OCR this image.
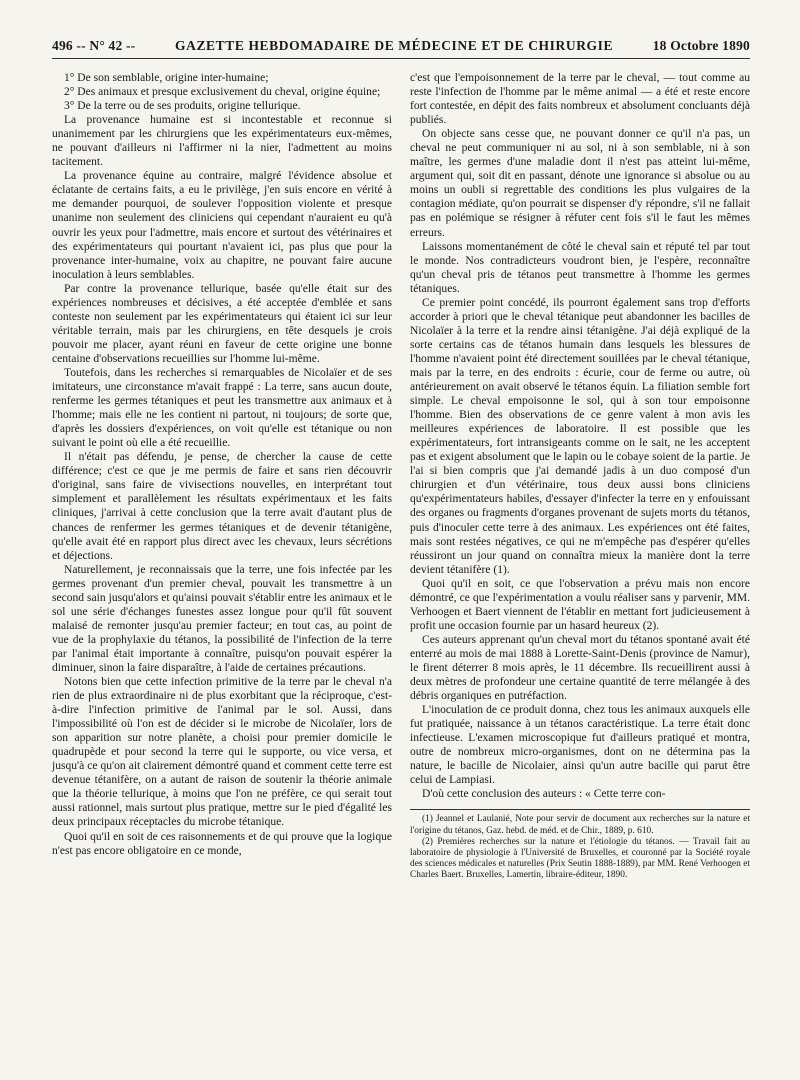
496 -- N° 42 --	GAZETTE HEBDOMADAIRE DE MÉDECINE ET DE CHIRURGIE	18 Octobre 1890

1° De son semblable, origine inter-humaine;

2° Des animaux et presque exclusivement du cheval, origine équine;

3° De la terre ou de ses produits, origine tellurique.

La provenance humaine est si incontestable et reconnue si unanimement par les chirurgiens que les expérimentateurs eux-mêmes, ne pouvant d'ailleurs ni l'affirmer ni la nier, l'admettent au moins tacitement.

La provenance équine au contraire, malgré l'évidence absolue et éclatante de certains faits, a eu le privilège, j'en suis encore en vérité à me demander pourquoi, de soulever l'opposition violente et presque unanime non seulement des cliniciens qui cependant n'auraient eu qu'à ouvrir les yeux pour l'admettre, mais encore et surtout des vétérinaires et des expérimentateurs qui pourtant n'avaient ici, pas plus que pour la provenance inter-humaine, voix au chapitre, ne pouvant faire aucune inoculation à leurs semblables.

Par contre la provenance tellurique, basée qu'elle était sur des expériences nombreuses et décisives, a été acceptée d'emblée et sans conteste non seulement par les expérimentateurs qui étaient ici sur leur véritable terrain, mais par les chirurgiens, en tête desquels je crois pouvoir me placer, ayant réuni en faveur de cette origine une bonne centaine d'observations recueillies sur l'homme lui-même.

Toutefois, dans les recherches si remarquables de Nicolaïer et de ses imitateurs, une circonstance m'avait frappé : La terre, sans aucun doute, renferme les germes tétaniques et peut les transmettre aux animaux et à l'homme; mais elle ne les contient ni partout, ni toujours; de sorte que, d'après les dossiers d'expériences, on voit qu'elle est tétanique ou non suivant le point où elle a été recueillie.

Il n'était pas défendu, je pense, de chercher la cause de cette différence; c'est ce que je me permis de faire et sans rien découvrir d'original, sans faire de vivisections nouvelles, en interprétant tout simplement et parallèlement les résultats expérimentaux et les faits cliniques, j'arrivai à cette conclusion que la terre avait d'autant plus de chances de renfermer les germes tétaniques et de devenir tétanigène, qu'elle avait été en rapport plus direct avec les chevaux, leurs sécrétions et déjections.

Naturellement, je reconnaissais que la terre, une fois infectée par les germes provenant d'un premier cheval, pouvait les transmettre à un second sain jusqu'alors et qu'ainsi pouvait s'établir entre les animaux et le sol une série d'échanges funestes assez longue pour qu'il fût souvent malaisé de remonter jusqu'au premier facteur; en tout cas, au point de vue de la prophylaxie du tétanos, la possibilité de l'infection de la terre par l'animal était importante à connaître, puisqu'on pouvait espérer la diminuer, sinon la faire disparaître, à l'aide de certaines précautions.

Notons bien que cette infection primitive de la terre par le cheval n'a rien de plus extraordinaire ni de plus exorbitant que la réciproque, c'est-à-dire l'infection primitive de l'animal par le sol. Aussi, dans l'impossibilité où l'on est de décider si le microbe de Nicolaïer, lors de son apparition sur notre planète, a choisi pour premier domicile le quadrupède et pour second la terre qui le supporte, ou vice versa, et jusqu'à ce qu'on ait clairement démontré quand et comment cette terre est devenue tétanifère, on a autant de raison de soutenir la théorie animale que la théorie tellurique, à moins que l'on ne préfère, ce qui serait tout aussi rationnel, mais surtout plus pratique, mettre sur le pied d'égalité les deux principaux réceptacles du microbe tétanique.

Quoi qu'il en soit de ces raisonnements et de qui prouve que la logique n'est pas encore obligatoire en ce monde,

c'est que l'empoisonnement de la terre par le cheval, — tout comme au reste l'infection de l'homme par le même animal — a été et reste encore fort contestée, en dépit des faits nombreux et absolument concluants déjà publiés.

On objecte sans cesse que, ne pouvant donner ce qu'il n'a pas, un cheval ne peut communiquer ni au sol, ni à son semblable, ni à son maître, les germes d'une maladie dont il n'est pas atteint lui-même, argument qui, soit dit en passant, dénote une ignorance si absolue ou au moins un oubli si regrettable des conditions les plus vulgaires de la contagion médiate, qu'on pourrait se dispenser d'y répondre, s'il ne fallait pas en polémique se résigner à réfuter cent fois s'il le faut les mêmes erreurs.

Laissons momentanément de côté le cheval sain et réputé tel par tout le monde. Nos contradicteurs voudront bien, je l'espère, reconnaître qu'un cheval pris de tétanos peut transmettre à l'homme les germes tétaniques.

Ce premier point concédé, ils pourront également sans trop d'efforts accorder à priori que le cheval tétanique peut abandonner les bacilles de Nicolaïer à la terre et la rendre ainsi tétanigène. J'ai déjà expliqué de la sorte certains cas de tétanos humain dans lesquels les blessures de l'homme n'avaient point été directement souillées par le cheval tétanique, mais par la terre, en des endroits : écurie, cour de ferme ou autre, où antérieurement on avait observé le tétanos équin. La filiation semble fort simple. Le cheval empoisonne le sol, qui à son tour empoisonne l'homme. Bien des observations de ce genre valent à mon avis les meilleures expériences de laboratoire. Il est possible que les expérimentateurs, fort intransigeants comme on le sait, ne les acceptent pas et exigent absolument que le lapin ou le cobaye soient de la partie. Je l'ai si bien compris que j'ai demandé jadis à un duo composé d'un chirurgien et d'un vétérinaire, tous deux aussi bons cliniciens qu'expérimentateurs habiles, d'essayer d'infecter la terre en y enfouissant des organes ou fragments d'organes provenant de sujets morts du tétanos, puis d'inoculer cette terre à des animaux. Les expériences ont été faites, mais sont restées négatives, ce qui ne m'empêche pas d'espérer qu'elles réussiront un jour quand on connaîtra mieux la manière dont la terre devient tétanifère (1).

Quoi qu'il en soit, ce que l'observation a prévu mais non encore démontré, ce que l'expérimentation a voulu réaliser sans y parvenir, MM. Verhoogen et Baert viennent de l'établir en mettant fort judicieusement à profit une occasion fournie par un hasard heureux (2).

Ces auteurs apprenant qu'un cheval mort du tétanos spontané avait été enterré au mois de mai 1888 à Lorette-Saint-Denis (province de Namur), le firent déterrer 8 mois après, le 11 décembre. Ils recueillirent aussi à deux mètres de profondeur une certaine quantité de terre mélangée à des débris organiques en putréfaction.

L'inoculation de ce produit donna, chez tous les animaux auxquels elle fut pratiquée, naissance à un tétanos caractéristique. La terre était donc infectieuse. L'examen microscopique fut d'ailleurs pratiqué et montra, outre de nombreux micro-organismes, dont on ne détermina pas la nature, le bacille de Nicolaier, ainsi qu'un autre bacille qui parut être celui de Lampiasi.

D'où cette conclusion des auteurs : « Cette terre con-

(1) Jeannel et Laulanié, Note pour servir de document aux recherches sur la nature et l'origine du tétanos, Gaz. hebd. de méd. et de Chir., 1889, p. 610.

(2) Premières recherches sur la nature et l'étiologie du tétanos. — Travail fait au laboratoire de physiologie à l'Université de Bruxelles, et couronné par la Société royale des sciences médicales et naturelles (Prix Seutin 1888-1889), par MM. René Verhoogen et Charles Baert. Bruxelles, Lamertin, libraire-éditeur, 1890.
